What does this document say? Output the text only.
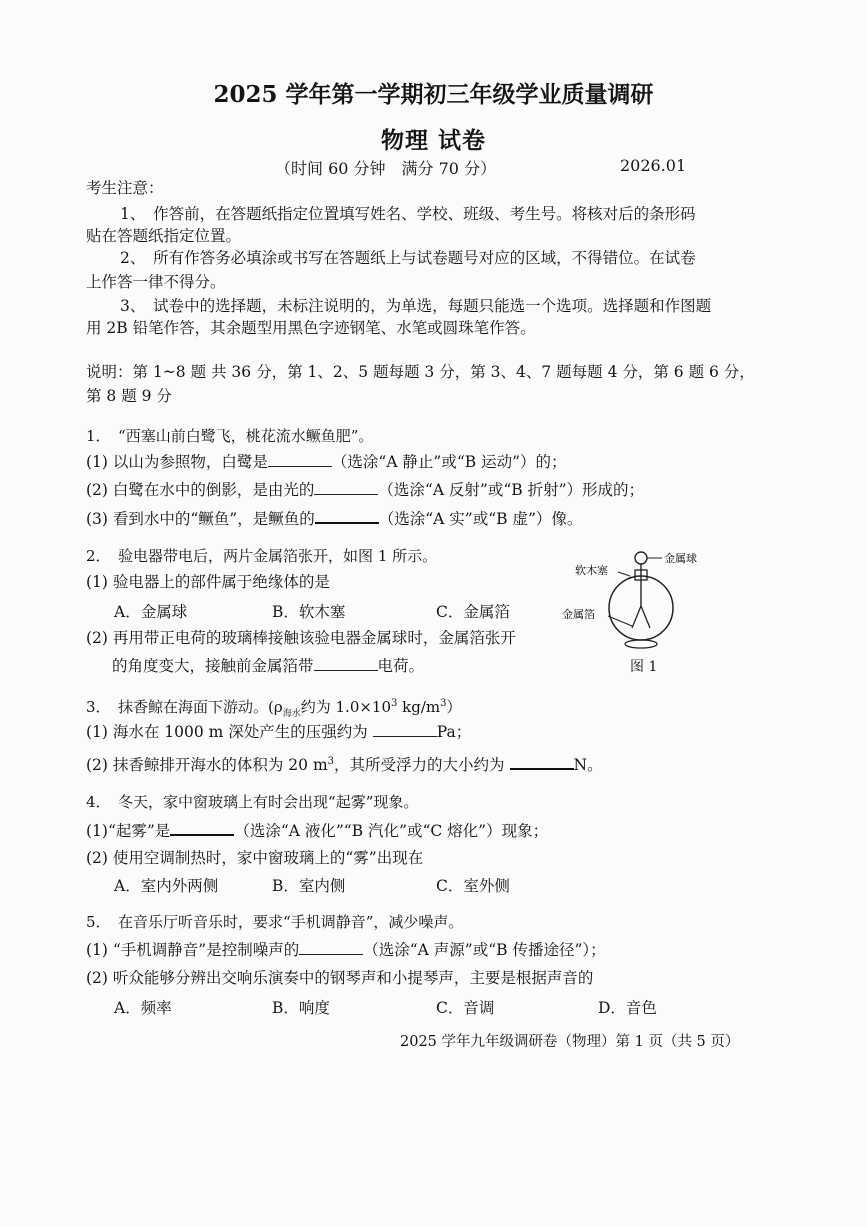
2025 学年第一学期初三年级学业质量调研
物理 试卷
（时间 60 分钟　满分 70 分）	2026.01
考生注意：
1、　作答前，在答题纸指定位置填写姓名、学校、班级、考生号。将核对后的条形码
贴在答题纸指定位置。
2、　所有作答务必填涂或书写在答题纸上与试卷题号对应的区域，不得错位。在试卷
上作答一律不得分。
3、　试卷中的选择题，未标注说明的，为单选，每题只能选一个选项。选择题和作图题
用 2B 铅笔作答，其余题型用黑色字迹钢笔、水笔或圆珠笔作答。
说明：第 1~8 题 共 36 分，第 1、2、5 题每题 3 分，第 3、4、7 题每题 4 分，第 6 题 6 分，
第 8 题 9 分
1．　“西塞山前白鹭飞，桃花流水鳜鱼肥”。
(1) 以山为参照物，白鹭是	（选涂“A 静止”或“B 运动”）的；
(2) 白鹭在水中的倒影，是由光的	（选涂“A 反射”或“B 折射”）形成的；
(3) 看到水中的“鳜鱼”，是鳜鱼的	（选涂“A 实”或“B 虚”）像。
2．　验电器带电后，两片金属箔张开，如图 1 所示。
(1) 验电器上的部件属于绝缘体的是
A．金属球	B．软木塞	C．金属箔
(2) 再用带正电荷的玻璃棒接触该验电器金属球时，金属箔张开
的角度变大，接触前金属箔带	电荷。
金属球
软木塞
金属箔
图 1
3．　抹香鲸在海面下游动。($\rho_{海水}$约为 $1.0\times 10^3$ $kg/m^3$）
(1) 海水在 1000 m 深处产生的压强约为	Pa；
(2) 抹香鲸排开海水的体积为 20 $m^3$，其所受浮力的大小约为	N。
4．　冬天，家中窗玻璃上有时会出现“起雾”现象。
(1)“起雾”是	（选涂“A 液化”“B 汽化”或“C 熔化”）现象；
(2) 使用空调制热时，家中窗玻璃上的“雾”出现在
A．室内外两侧	B．室内侧	C．室外侧
5．　在音乐厅听音乐时，要求“手机调静音”，减少噪声。
(1) “手机调静音”是控制噪声的	（选涂“A 声源”或“B 传播途径”）；
(2) 听众能够分辨出交响乐演奏中的钢琴声和小提琴声，主要是根据声音的
A．频率	B．响度	C．音调	D．音色
2025 学年九年级调研卷（物理）第 1 页（共 5 页）
